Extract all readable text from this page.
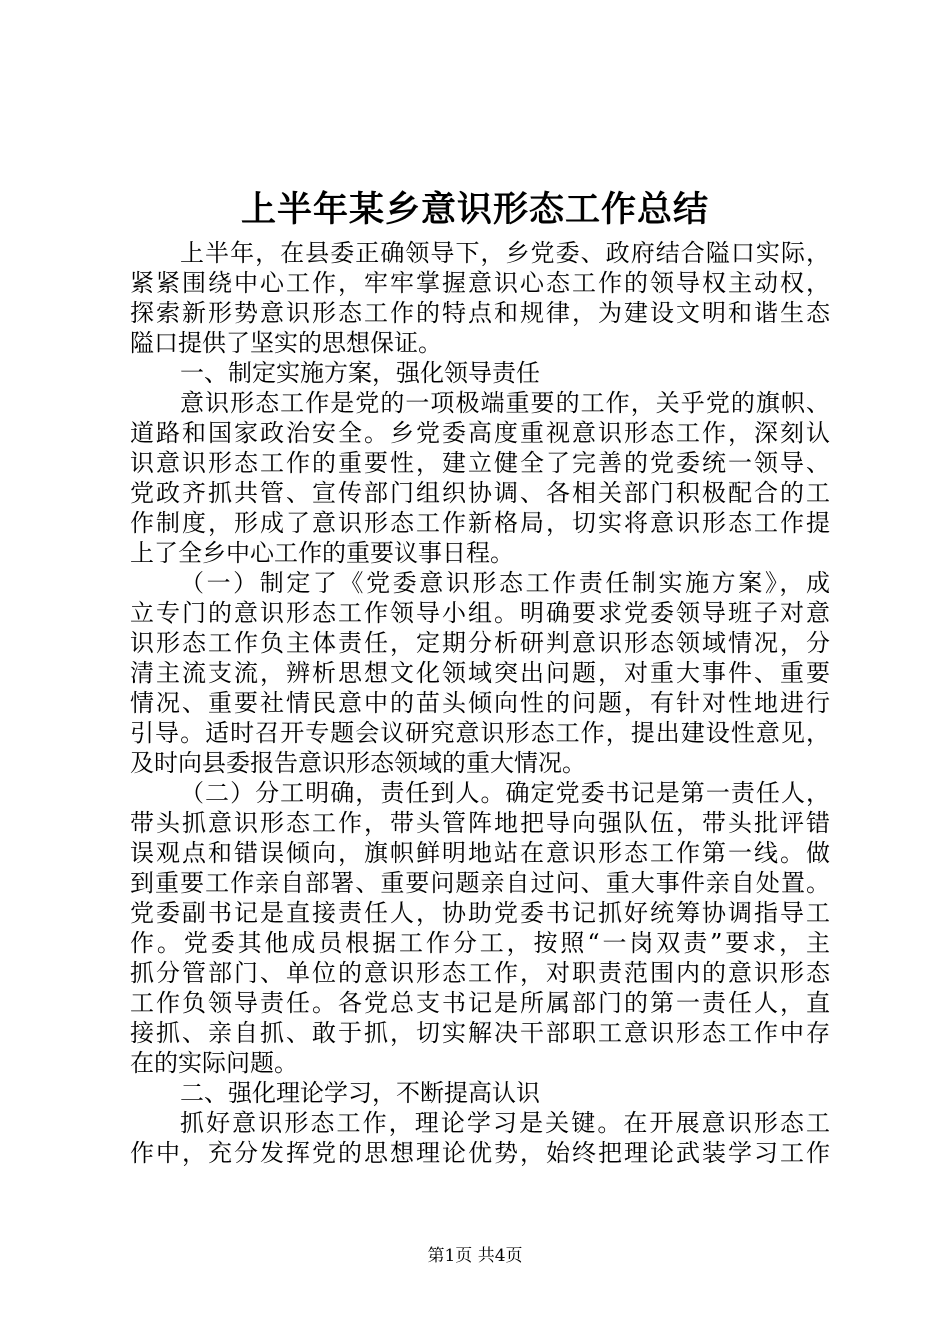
上半年某乡意识形态工作总结
上半年，在县委正确领导下，乡党委、政府结合隘口实际，
紧紧围绕中心工作，牢牢掌握意识心态工作的领导权主动权，
探索新形势意识形态工作的特点和规律，为建设文明和谐生态
隘口提供了坚实的思想保证。
一、制定实施方案，强化领导责任
意识形态工作是党的一项极端重要的工作，关乎党的旗帜、
道路和国家政治安全。乡党委高度重视意识形态工作，深刻认
识意识形态工作的重要性，建立健全了完善的党委统一领导、
党政齐抓共管、宣传部门组织协调、各相关部门积极配合的工
作制度，形成了意识形态工作新格局，切实将意识形态工作提
上了全乡中心工作的重要议事日程。
（一）制定了《党委意识形态工作责任制实施方案》，成
立专门的意识形态工作领导小组。明确要求党委领导班子对意
识形态工作负主体责任，定期分析研判意识形态领域情况，分
清主流支流，辨析思想文化领域突出问题，对重大事件、重要
情况、重要社情民意中的苗头倾向性的问题，有针对性地进行
引导。适时召开专题会议研究意识形态工作，提出建设性意见，
及时向县委报告意识形态领域的重大情况。
（二）分工明确，责任到人。确定党委书记是第一责任人，
带头抓意识形态工作，带头管阵地把导向强队伍，带头批评错
误观点和错误倾向，旗帜鲜明地站在意识形态工作第一线。做
到重要工作亲自部署、重要问题亲自过问、重大事件亲自处置。
党委副书记是直接责任人，协助党委书记抓好统筹协调指导工
作。党委其他成员根据工作分工，按照“一岗双责”要求，主
抓分管部门、单位的意识形态工作，对职责范围内的意识形态
工作负领导责任。各党总支书记是所属部门的第一责任人，直
接抓、亲自抓、敢于抓，切实解决干部职工意识形态工作中存
在的实际问题。
二、强化理论学习，不断提高认识
抓好意识形态工作，理论学习是关键。在开展意识形态工
作中，充分发挥党的思想理论优势，始终把理论武装学习工作
第1页 共4页
